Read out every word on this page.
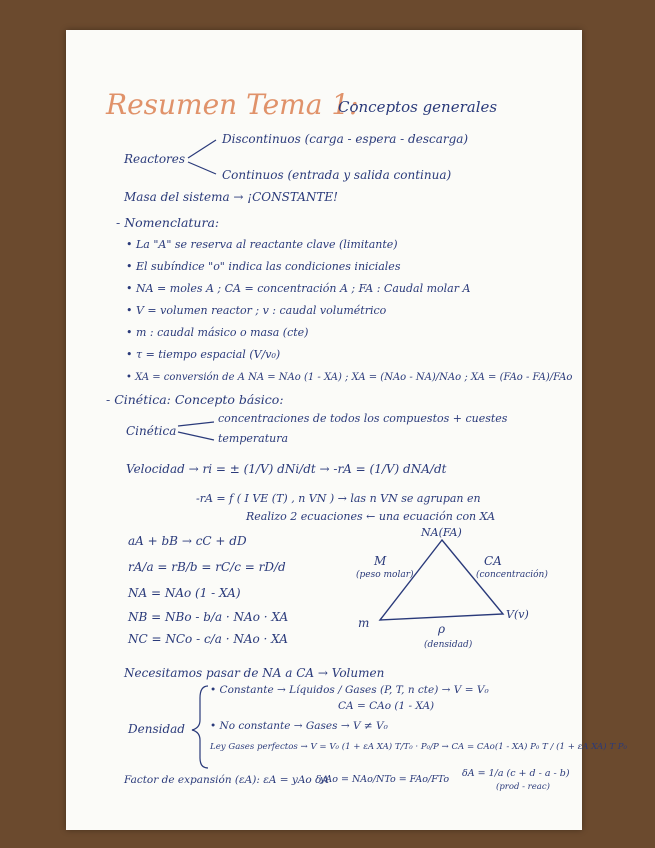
Resumen Tema 1:
Conceptos generales
Reactores
Discontinuos (carga - espera - descarga)
Continuos (entrada y salida continua)
Masa del sistema → ¡CONSTANTE!
- Nomenclatura:
• La "A" se reserva al reactante clave (limitante)
• El subíndice "o" indica las condiciones iniciales
• NA = moles A ; CA = concentración A ; FA : Caudal molar A
• V = volumen reactor ; v : caudal volumétrico
• m : caudal másico o masa (cte)
• τ = tiempo espacial (V/v₀)
• XA = conversión de A NA = NAo (1 - XA) ; XA = (NAo - NA)/NAo ; XA = (FAo - FA)/FAo
- Cinética: Concepto básico:
Cinética
concentraciones de todos los compuestos + cuestes
temperatura
Velocidad → ri = ± (1/V) dNi/dt → -rA = (1/V) dNA/dt
-rA = f ( I VE (T) , n VN ) → las n VN se agrupan en
Realizo 2 ecuaciones ← una ecuación con XA
aA + bB → cC + dD
rA/a = rB/b = rC/c = rD/d
NA = NAo (1 - XA)
NB = NBo - b/a · NAo · XA
NC = NCo - c/a · NAo · XA
NA(FA)
M
(peso molar)
CA
(concentración)
m
V(v)
ρ
(densidad)
Necesitamos pasar de NA a CA → Volumen
Densidad
• Constante → Líquidos / Gases (P, T, n cte) → V = V₀
CA = CAo (1 - XA)
• No constante → Gases → V ≠ V₀
Ley Gases perfectos → V = V₀ (1 + εA XA) T/T₀ · P₀/P → CA = CAo(1 - XA) P₀ T / (1 + εA XA) T P₀
Factor de expansión (εA): εA = yAo δA
yAo = NAo/NTo = FAo/FTo
δA = 1/a (c + d - a - b)
(prod - reac)
